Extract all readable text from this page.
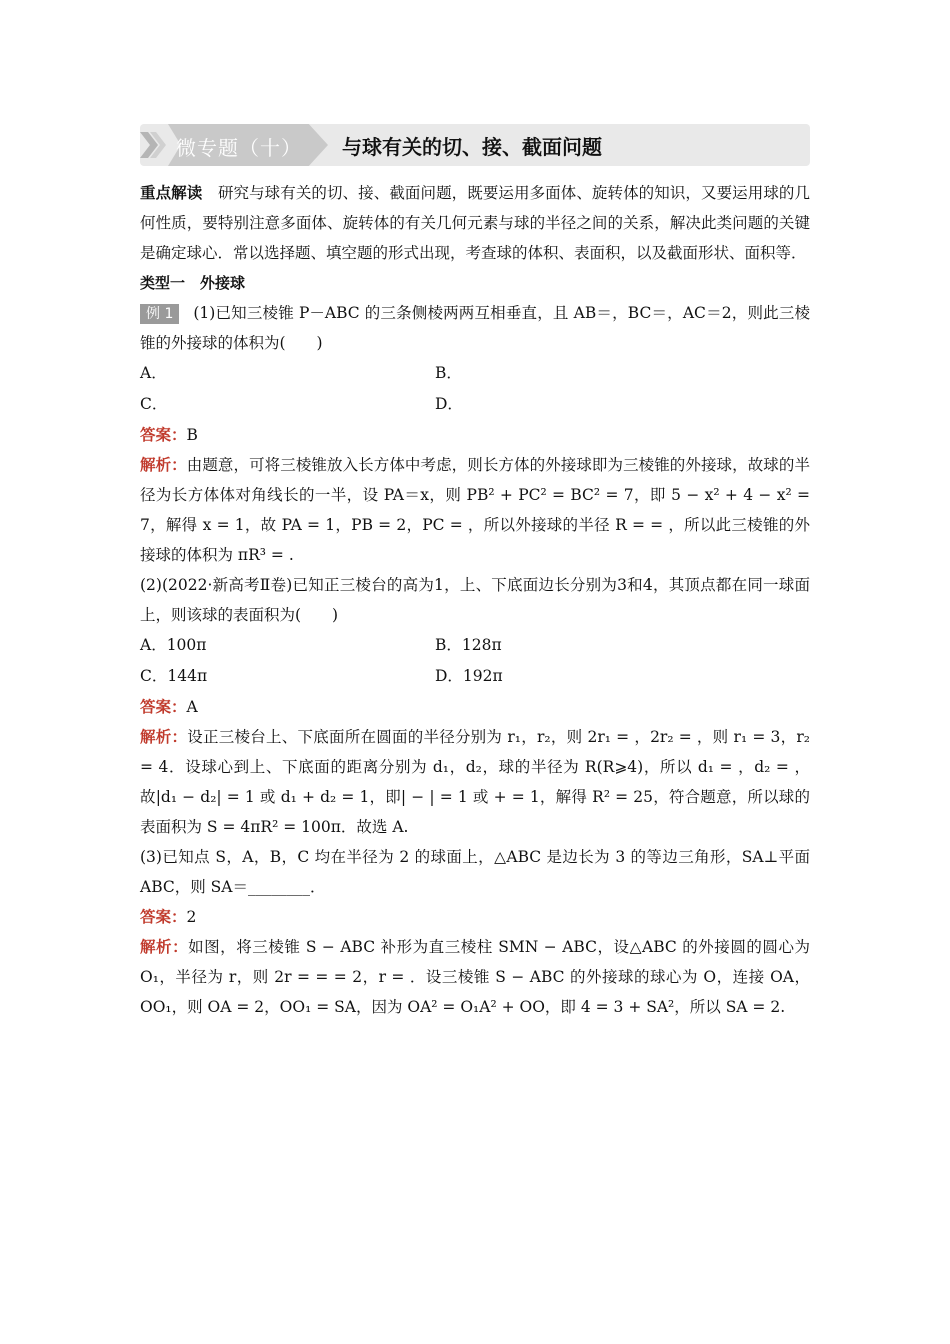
微专题（十） 与球有关的切、接、截面问题

重点解读　 研究与球有关的切、接、截面问题，既要运用多面体、旋转体的知识，又要运用球的几何性质，要特别注意多面体、旋转体的有关几何元素与球的半径之间的关系，解决此类问题的关键是确定球心．常以选择题、填空题的形式出现，考查球的体积、表面积，以及截面形状、面积等．

类型一　外接球

例 1 (1)已知三棱锥 P－ABC 的三条侧棱两两互相垂直，且 AB＝，BC＝，AC＝2，则此三棱锥的外接球的体积为(　　)

A．	B．
C．	D．

答案：B

解析：由题意，可将三棱锥放入长方体中考虑，则长方体的外接球即为三棱锥的外接球，故球的半径为长方体体对角线长的一半，设 PA＝x，则 PB² + PC² = BC² = 7，即 5 − x² + 4 − x² = 7，解得 x = 1，故 PA = 1，PB = 2，PC = ，所以外接球的半径 R = = ，所以此三棱锥的外接球的体积为 πR³ = .

(2)(2022·新高考Ⅱ卷)已知正三棱台的高为1，上、下底面边长分别为3和4，其顶点都在同一球面上，则该球的表面积为(　　)

A．100π	B．128π
C．144π	D．192π

答案：A

解析：设正三棱台上、下底面所在圆面的半径分别为 r₁，r₂，则 2r₁ = ，2r₂ = ，则 r₁ = 3，r₂ = 4．设球心到上、下底面的距离分别为 d₁，d₂，球的半径为 R(R⩾4)，所以 d₁ = ，d₂ = ，故|d₁ − d₂| = 1 或 d₁ + d₂ = 1，即| − | = 1 或 + = 1，解得 R² = 25，符合题意，所以球的表面积为 S = 4πR² = 100π．故选 A.

(3)已知点 S，A，B，C 均在半径为 2 的球面上，△ABC 是边长为 3 的等边三角形，SA⊥平面 ABC，则 SA＝________．

答案：2

解析：如图，将三棱锥 S − ABC 补形为直三棱柱 SMN − ABC，设△ABC 的外接圆的圆心为 O₁，半径为 r，则 2r = = = 2，r = ．设三棱锥 S − ABC 的外接球的球心为 O，连接 OA，OO₁，则 OA = 2，OO₁ = SA，因为 OA² = O₁A² + OO，即 4 = 3 + SA²，所以 SA = 2.
